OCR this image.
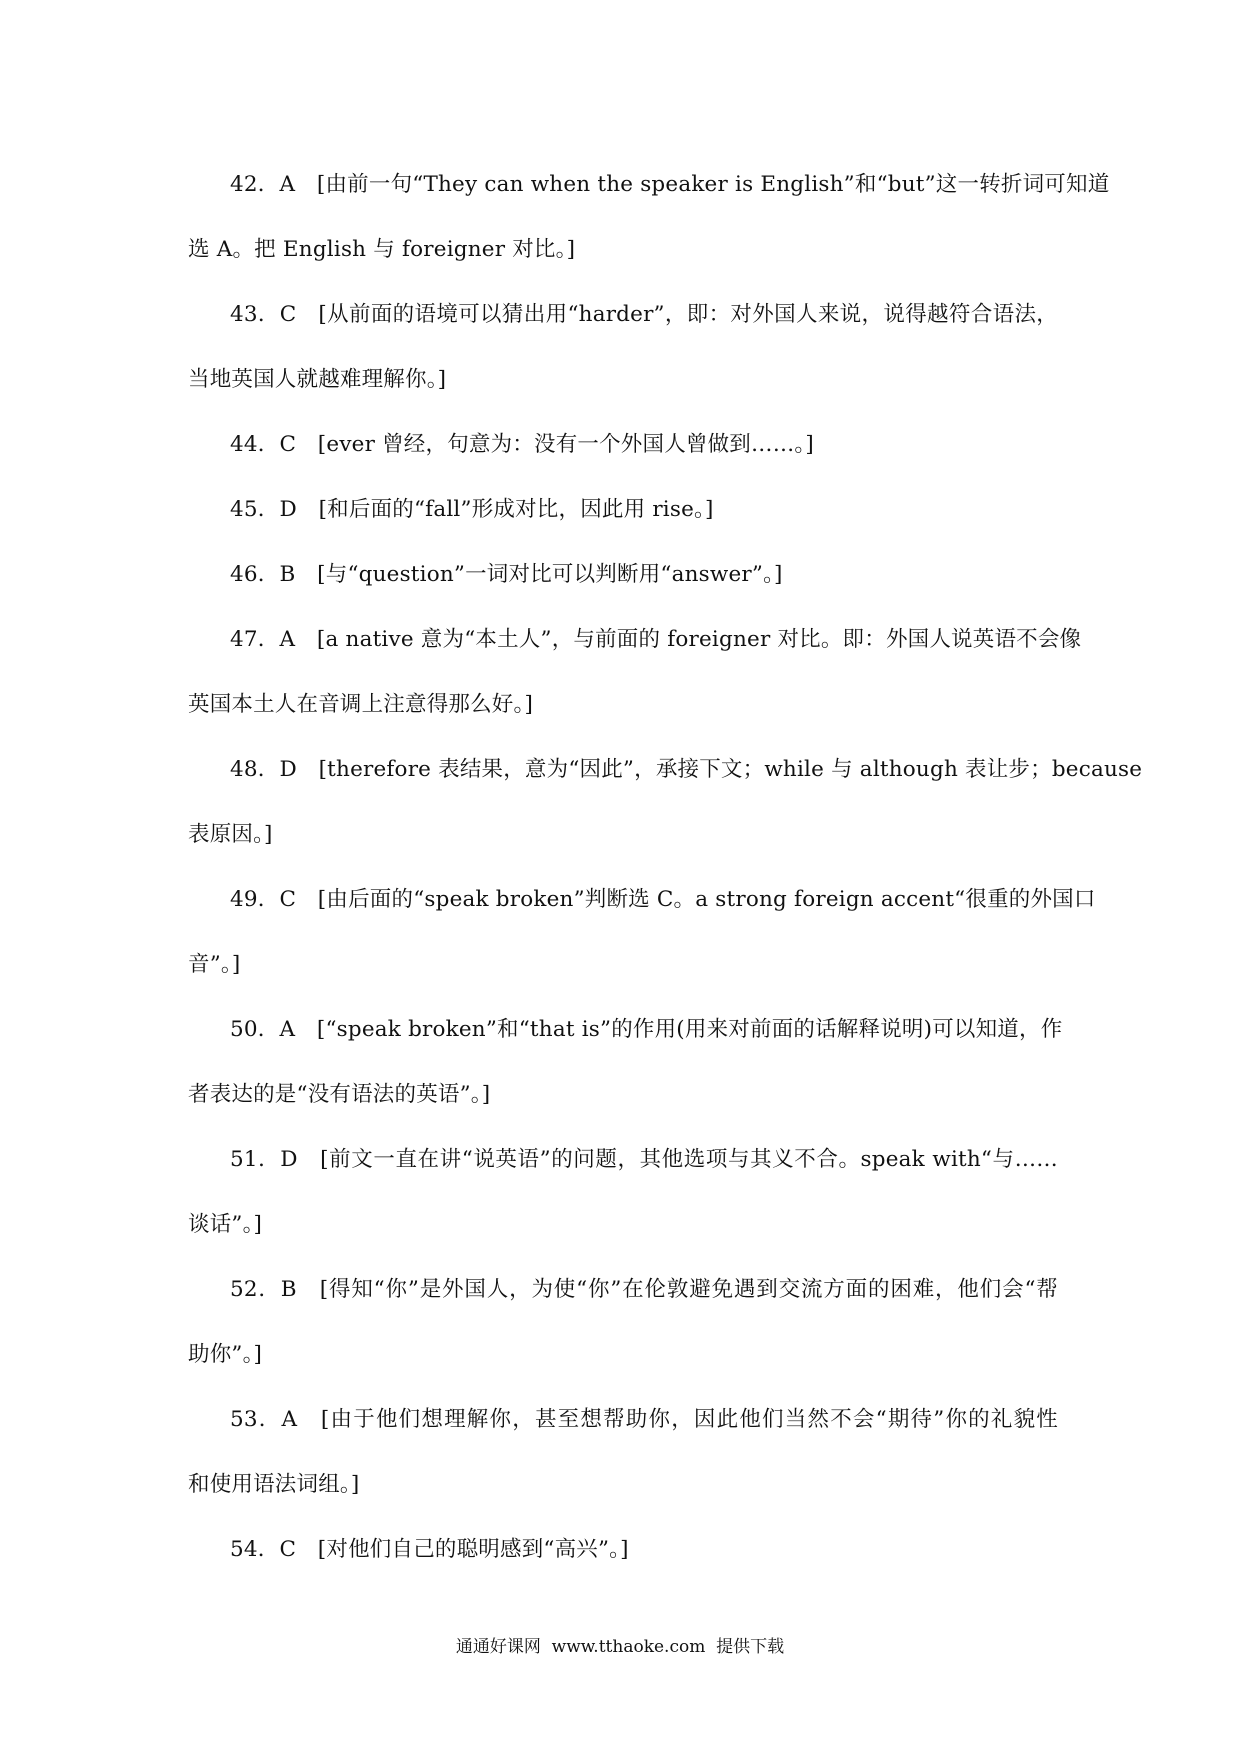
42．A　[由前一句“They can when the speaker is English”和“but”这一转折词可知道
选 A。把 English 与 foreigner 对比。]
43．C　[从前面的语境可以猜出用“harder”，即：对外国人来说，说得越符合语法，
当地英国人就越难理解你。]
44．C　[ever 曾经，句意为：没有一个外国人曾做到……。]
45．D　[和后面的“fall”形成对比，因此用 rise。]
46．B　[与“question”一词对比可以判断用“answer”。]
47．A　[a native 意为“本土人”，与前面的 foreigner 对比。即：外国人说英语不会像
英国本土人在音调上注意得那么好。]
48．D　[therefore 表结果，意为“因此”，承接下文；while 与 although 表让步；because
表原因。]
49．C　[由后面的“speak broken”判断选 C。a strong foreign accent“很重的外国口
音”。]
50．A　[“speak broken”和“that is”的作用(用来对前面的话解释说明)可以知道，作
者表达的是“没有语法的英语”。]
51．D　[前文一直在讲“说英语”的问题，其他选项与其义不合。speak with“与……
谈话”。]
52．B　[得知“你”是外国人，为使“你”在伦敦避免遇到交流方面的困难，他们会“帮
助你”。]
53．A　[由于他们想理解你，甚至想帮助你，因此他们当然不会“期待”你的礼貌性
和使用语法词组。]
54．C　[对他们自己的聪明感到“高兴”。]
通通好课网  www.tthaoke.com  提供下载
